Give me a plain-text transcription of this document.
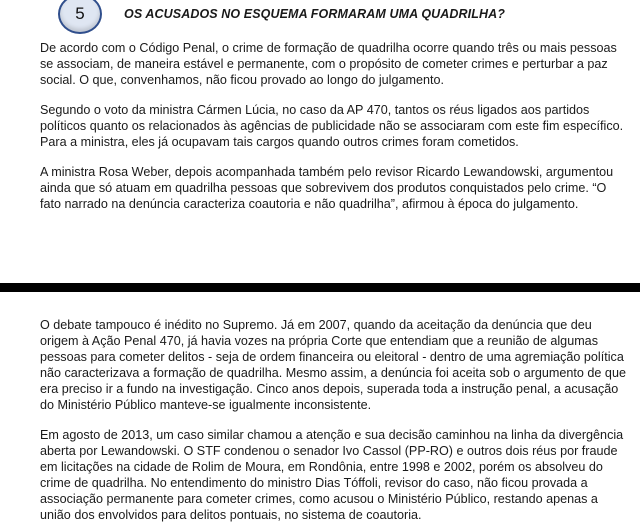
5	OS ACUSADOS NO ESQUEMA FORMARAM UMA QUADRILHA?

De acordo com o Código Penal, o crime de formação de quadrilha ocorre quando três ou mais pessoas se associam, de maneira estável e permanente, com o propósito de cometer crimes e perturbar a paz social. O que, convenhamos, não ficou provado ao longo do julgamento.

Segundo o voto da ministra Cármen Lúcia, no caso da AP 470, tantos os réus ligados aos partidos políticos quanto os relacionados às agências de publicidade não se associaram com este fim específico. Para a ministra, eles já ocupavam tais cargos quando outros crimes foram cometidos.

A ministra Rosa Weber, depois acompanhada também pelo revisor Ricardo Lewandowski, argumentou ainda que só atuam em quadrilha pessoas que sobrevivem dos produtos conquistados pelo crime. “O fato narrado na denúncia caracteriza coautoria e não quadrilha”, afirmou à época do julgamento.

O debate tampouco é inédito no Supremo. Já em 2007, quando da aceitação da denúncia que deu origem à Ação Penal 470, já havia vozes na própria Corte que entendiam que a reunião de algumas pessoas para cometer delitos - seja de ordem financeira ou eleitoral - dentro de uma agremiação política não caracterizava a formação de quadrilha. Mesmo assim, a denúncia foi aceita sob o argumento de que era preciso ir a fundo na investigação. Cinco anos depois, superada toda a instrução penal, a acusação do Ministério Público manteve-se igualmente inconsistente.

Em agosto de 2013, um caso similar chamou a atenção e sua decisão caminhou na linha da divergência aberta por Lewandowski. O STF condenou o senador Ivo Cassol (PP-RO) e outros dois réus por fraude em licitações na cidade de Rolim de Moura, em Rondônia, entre 1998 e 2002, porém os absolveu do crime de quadrilha. No entendimento do ministro Dias Tóffoli, revisor do caso, não ficou provada a associação permanente para cometer crimes, como acusou o Ministério Público, restando apenas a união dos envolvidos para delitos pontuais, no sistema de coautoria.
